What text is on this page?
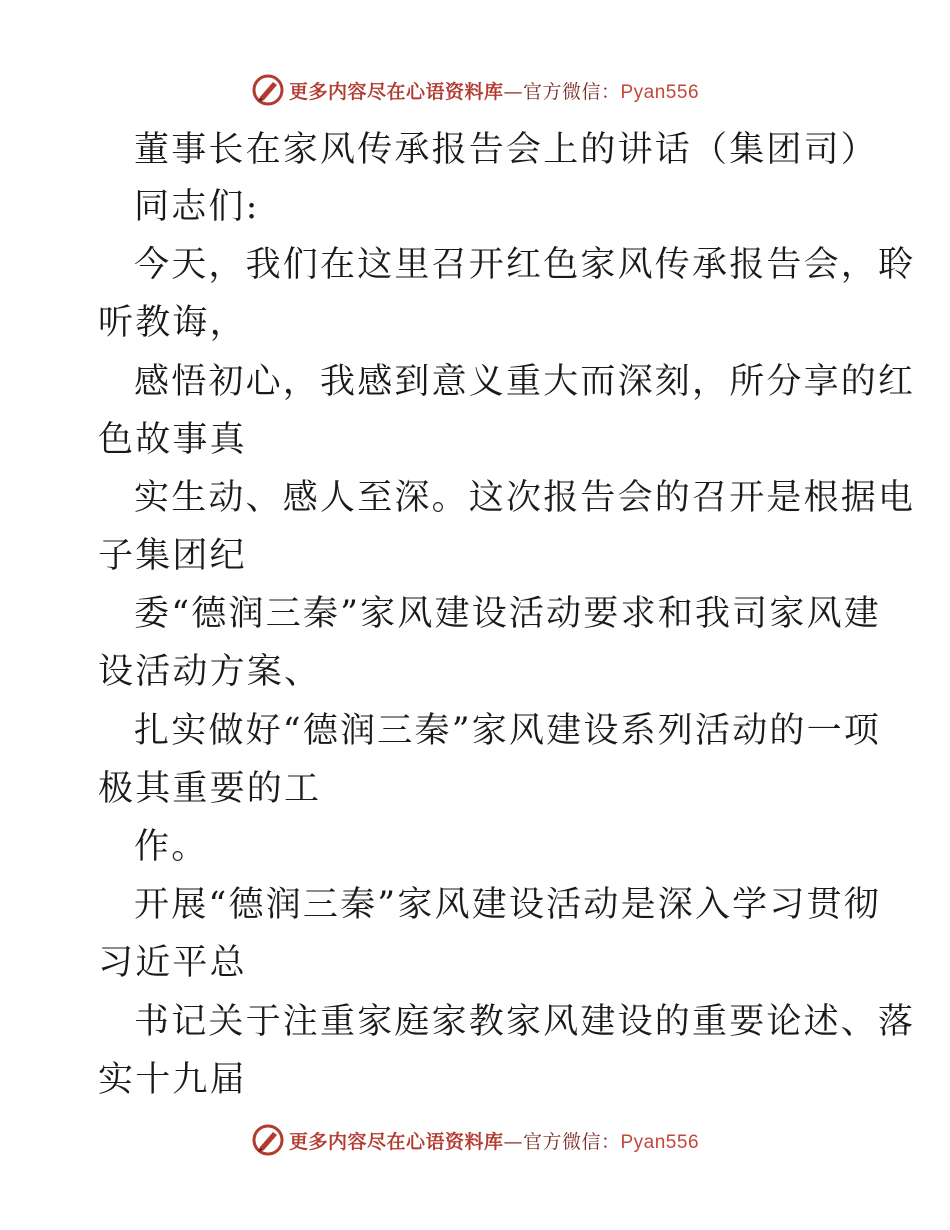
更多内容尽在心语资料库—官方微信：Pyan556
董事长在家风传承报告会上的讲话（集团司）
同志们:
今天，我们在这里召开红色家风传承报告会，聆
听教诲，
感悟初心，我感到意义重大而深刻，所分享的红
色故事真
实生动、感人至深。这次报告会的召开是根据电
子集团纪
委“德润三秦”家风建设活动要求和我司家风建
设活动方案、
扎实做好“德润三秦”家风建设系列活动的一项
极其重要的工
作。
开展“德润三秦”家风建设活动是深入学习贯彻
习近平总
书记关于注重家庭家教家风建设的重要论述、落
实十九届
更多内容尽在心语资料库—官方微信：Pyan556
